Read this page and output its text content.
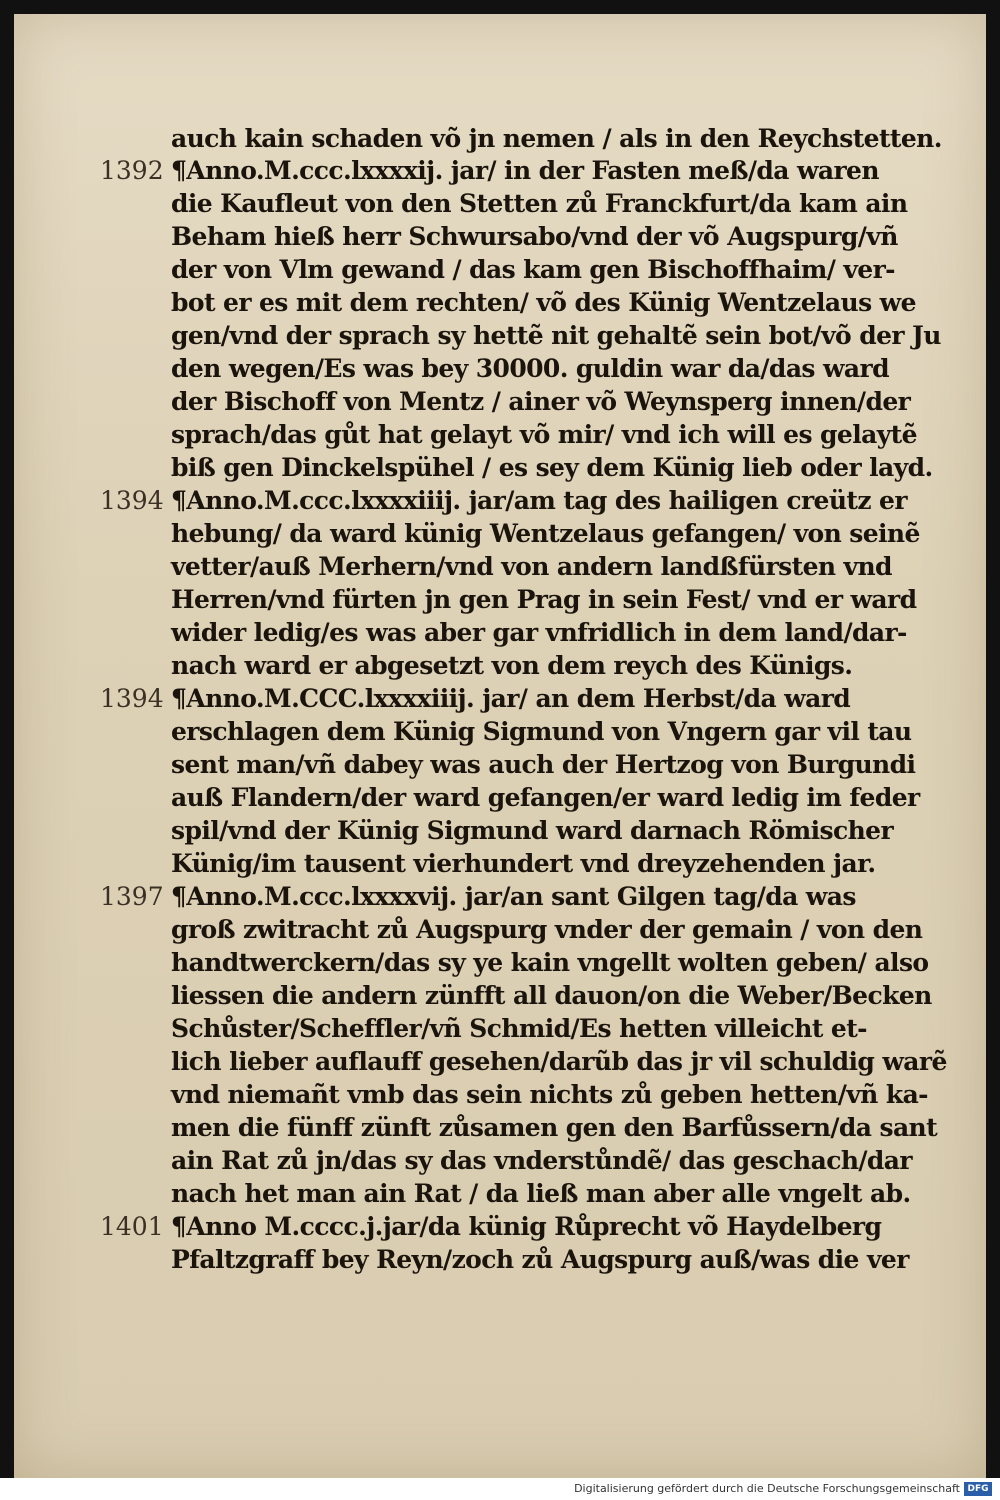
auch kain schaden võ jn nemen / als in den Reychstetten.
1392 ¶Anno.M.ccc.lxxxxij. jar/ in der Fasten meß/da waren
die Kaufleut von den Stetten zů Franckfurt/da kam ain
Beham hieß herr Schwursabo/vnd der võ Augspurg/vñ
der von Vlm gewand / das kam gen Bischoffhaim/ ver-
bot er es mit dem rechten/ võ des Künig Wentzelaus we
gen/vnd der sprach sy hettẽ nit gehaltẽ sein bot/võ der Ju
den wegen/Es was bey 30000. guldin war da/das ward
der Bischoff von Mentz / ainer võ Weynsperg innen/der
sprach/das gůt hat gelayt võ mir/ vnd ich will es gelaytẽ
biß gen Dinckelspühel / es sey dem Künig lieb oder layd.
1394 ¶Anno.M.ccc.lxxxxiiij. jar/am tag des hailigen creütz er
hebung/ da ward künig Wentzelaus gefangen/ von seinẽ
vetter/auß Merhern/vnd von andern landßfürsten vnd
Herren/vnd fürten jn gen Prag in sein Fest/ vnd er ward
wider ledig/es was aber gar vnfridlich in dem land/dar-
nach ward er abgesetzt von dem reych des Künigs.
1394 ¶Anno.M.CCC.lxxxxiiij. jar/ an dem Herbst/da ward
erschlagen dem Künig Sigmund von Vngern gar vil tau
sent man/vñ dabey was auch der Hertzog von Burgundi
auß Flandern/der ward gefangen/er ward ledig im feder
spil/vnd der Künig Sigmund ward darnach Römischer
Künig/im tausent vierhundert vnd dreyzehenden jar.
1397 ¶Anno.M.ccc.lxxxxvij. jar/an sant Gilgen tag/da was
groß zwitracht zů Augspurg vnder der gemain / von den
handtwerckern/das sy ye kain vngellt wolten geben/ also
liessen die andern zünfft all dauon/on die Weber/Becken
Schůster/Scheffler/vñ Schmid/Es hetten villeicht et-
lich lieber auflauff gesehen/darũb das jr vil schuldig warẽ
vnd niemañt vmb das sein nichts zů geben hetten/vñ ka-
men die fünff zünft zůsamen gen den Barfůssern/da sant
ain Rat zů jn/das sy das vnderstůndẽ/ das geschach/dar
nach het man ain Rat / da ließ man aber alle vngelt ab.
1401 ¶Anno M.cccc.j.jar/da künig Růprecht võ Haydelberg
Pfaltzgraff bey Reyn/zoch zů Augspurg auß/was die ver
Digitalisierung gefördert durch die Deutsche Forschungsgemeinschaft DFG
